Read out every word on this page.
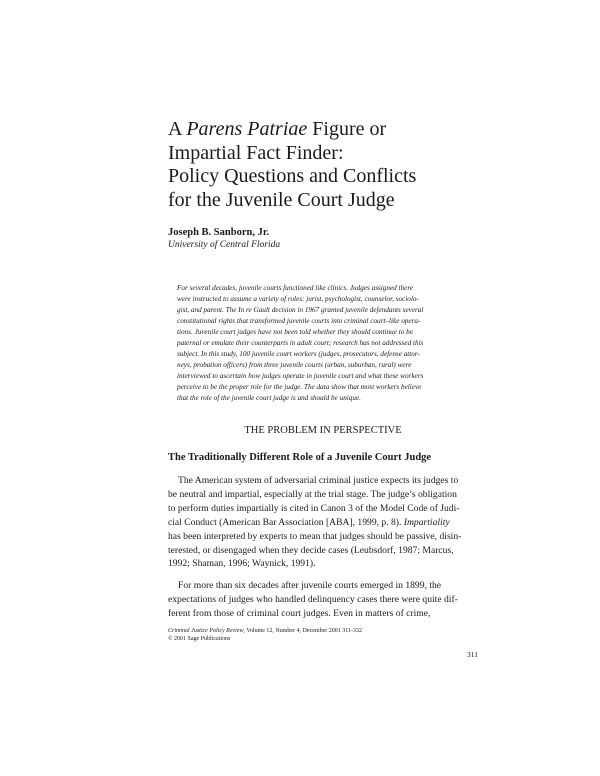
A Parens Patriae Figure or
Impartial Fact Finder:
Policy Questions and Conflicts
for the Juvenile Court Judge

Joseph B. Sanborn, Jr.

University of Central Florida

For several decades, juvenile courts functioned like clinics. Judges assigned there
were instructed to assume a variety of roles: jurist, psychologist, counselor, sociolo-
gist, and parent. The In re Gault decision in 1967 granted juvenile defendants several
constitutional rights that transformed juvenile courts into criminal court–like opera-
tions. Juvenile court judges have not been told whether they should continue to be
paternal or emulate their counterparts in adult court; research has not addressed this
subject. In this study, 100 juvenile court workers (judges, prosecutors, defense attor-
neys, probation officers) from three juvenile courts (urban, suburban, rural) were
interviewed to ascertain how judges operate in juvenile court and what these workers
perceive to be the proper role for the judge. The data show that most workers believe
that the role of the juvenile court judge is and should be unique.
THE PROBLEM IN PERSPECTIVE
The Traditionally Different Role of a Juvenile Court Judge
The American system of adversarial criminal justice expects its judges to
be neutral and impartial, especially at the trial stage. The judge’s obligation
to perform duties impartially is cited in Canon 3 of the Model Code of Judi-
cial Conduct (American Bar Association [ABA], 1999, p. 8). Impartiality
has been interpreted by experts to mean that judges should be passive, disin-
terested, or disengaged when they decide cases (Leubsdorf, 1987; Marcus,
1992; Shaman, 1996; Waynick, 1991).
For more than six decades after juvenile courts emerged in 1899, the
expectations of judges who handled delinquency cases there were quite dif-
ferent from those of criminal court judges. Even in matters of crime,
Criminal Justice Policy Review, Volume 12, Number 4, December 2001 311-332
© 2001 Sage Publications

311
